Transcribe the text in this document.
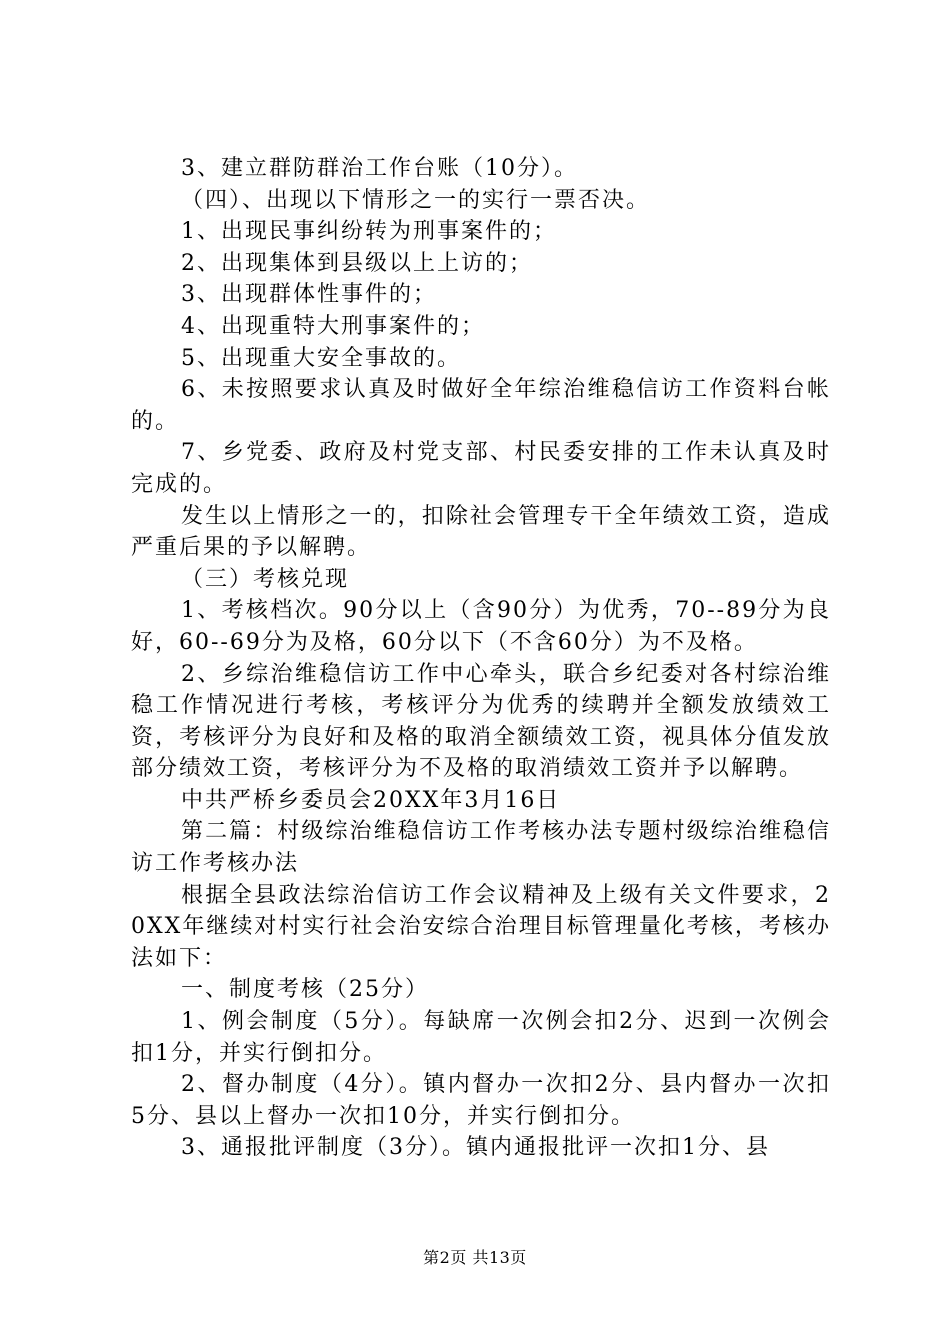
3、建立群防群治工作台账（10分）。

（四）、出现以下情形之一的实行一票否决。

1、出现民事纠纷转为刑事案件的；

2、出现集体到县级以上上访的；

3、出现群体性事件的；

4、出现重特大刑事案件的；

5、出现重大安全事故的。

6、未按照要求认真及时做好全年综治维稳信访工作资料台帐的。

7、乡党委、政府及村党支部、村民委安排的工作未认真及时完成的。

发生以上情形之一的，扣除社会管理专干全年绩效工资，造成严重后果的予以解聘。

（三）考核兑现

1、考核档次。90分以上（含90分）为优秀，70--89分为良好，60--69分为及格，60分以下（不含60分）为不及格。

2、乡综治维稳信访工作中心牵头，联合乡纪委对各村综治维稳工作情况进行考核，考核评分为优秀的续聘并全额发放绩效工资，考核评分为良好和及格的取消全额绩效工资，视具体分值发放部分绩效工资，考核评分为不及格的取消绩效工资并予以解聘。

中共严桥乡委员会20XX年3月16日

第二篇：村级综治维稳信访工作考核办法专题村级综治维稳信访工作考核办法

根据全县政法综治信访工作会议精神及上级有关文件要求，20XX年继续对村实行社会治安综合治理目标管理量化考核，考核办法如下：

一、制度考核（25分）

1、例会制度（5分）。每缺席一次例会扣2分、迟到一次例会扣1分，并实行倒扣分。

2、督办制度（4分）。镇内督办一次扣2分、县内督办一次扣5分、县以上督办一次扣10分，并实行倒扣分。

3、通报批评制度（3分）。镇内通报批评一次扣1分、县

第2页 共13页
